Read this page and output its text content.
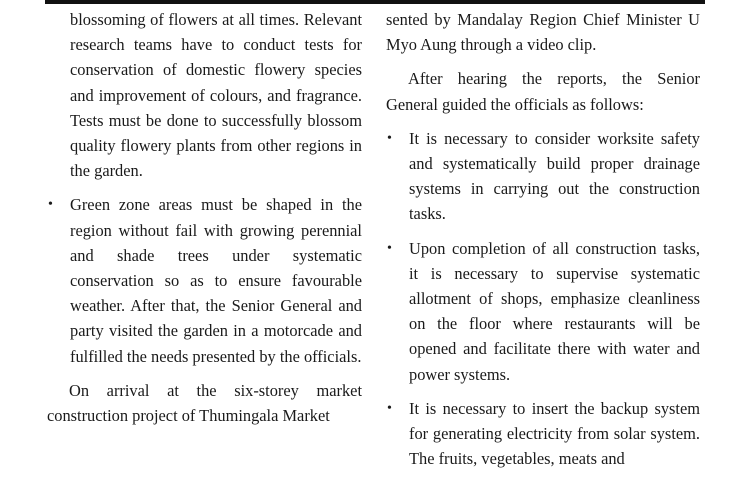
blossoming of flowers at all times. Relevant research teams have to conduct tests for conservation of domestic flowery species and improvement of colours, and fragrance. Tests must be done to successfully blossom quality flowery plants from other regions in the garden.
• Green zone areas must be shaped in the region without fail with growing perennial and shade trees under systematic conservation so as to ensure favourable weather. After that, the Senior General and party visited the garden in a motorcade and fulfilled the needs presented by the officials.

On arrival at the six-storey market construction project of Thumingala Market

sented by Mandalay Region Chief Minister U Myo Aung through a video clip.

After hearing the reports, the Senior General guided the officials as follows:

• It is necessary to consider worksite safety and systematically build proper drainage systems in carrying out the construction tasks.
• Upon completion of all construction tasks, it is necessary to supervise systematic allotment of shops, emphasize cleanliness on the floor where restaurants will be opened and facilitate there with water and power systems.
• It is necessary to insert the backup system for generating electricity from solar system. The fruits, vegetables, meats and
